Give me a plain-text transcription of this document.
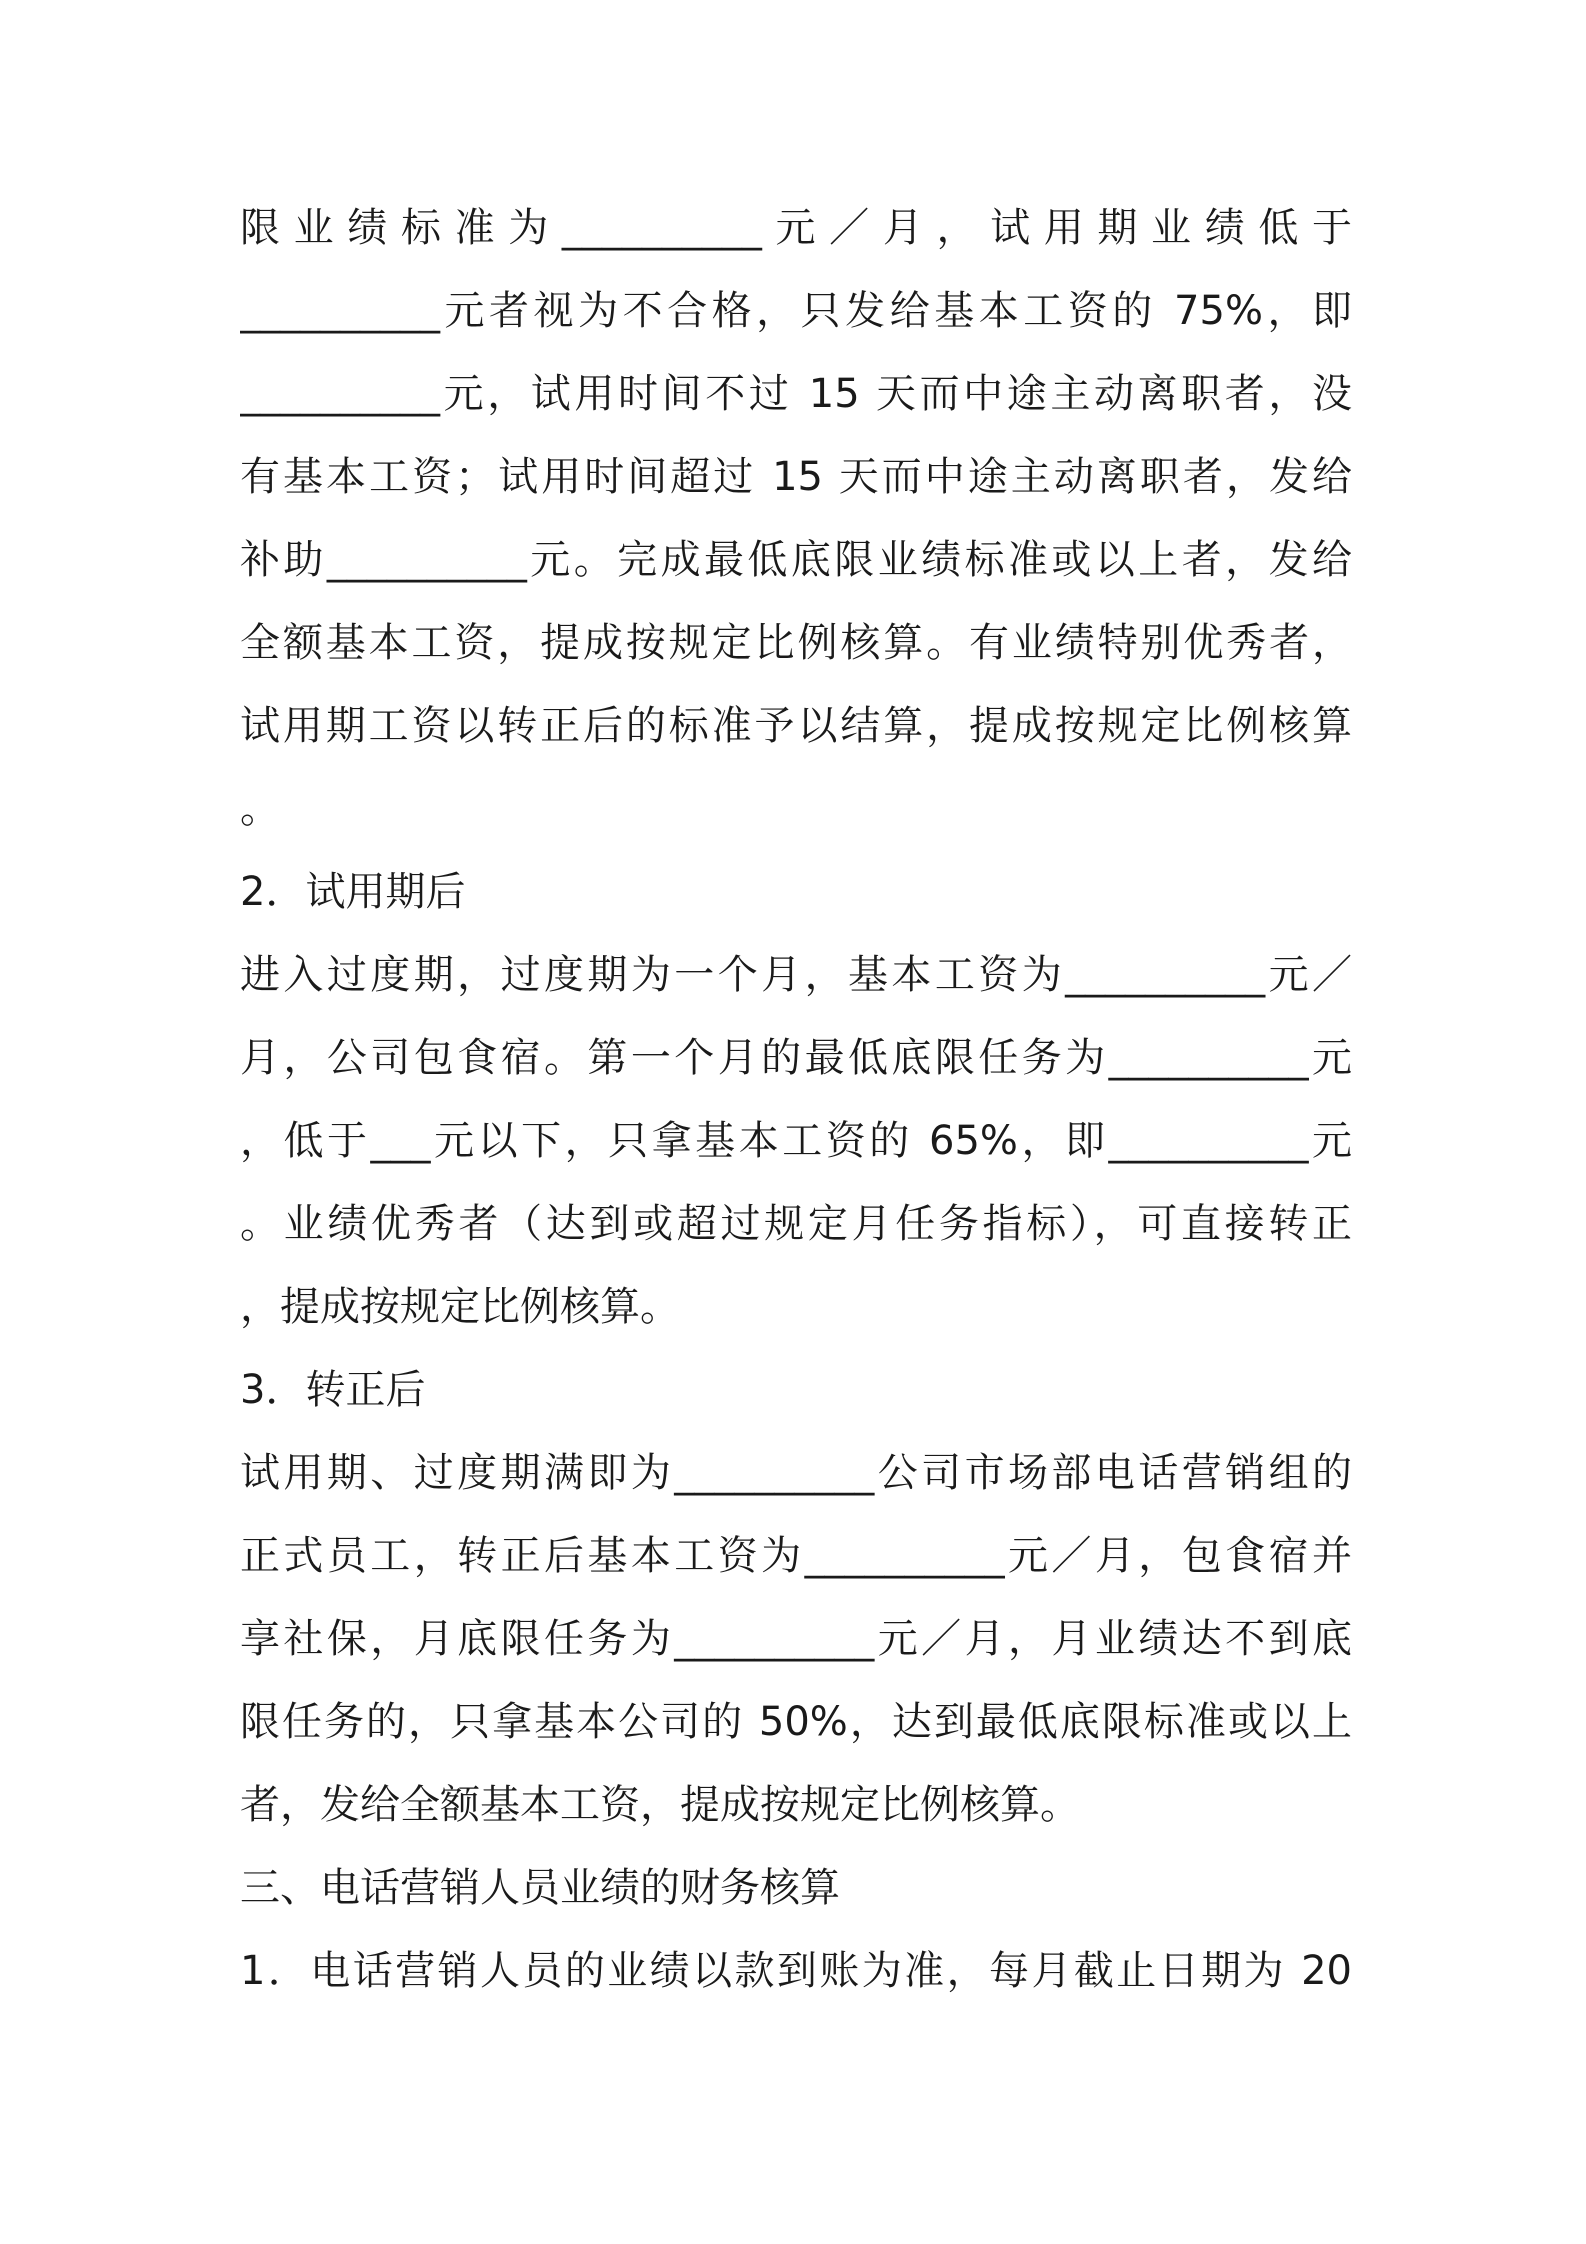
限业绩标准为__________元／月，试用期业绩低于
__________元者视为不合格，只发给基本工资的 75%，即
__________元，试用时间不过 15 天而中途主动离职者，没
有基本工资；试用时间超过 15 天而中途主动离职者，发给
补助__________元。完成最低底限业绩标准或以上者，发给
全额基本工资，提成按规定比例核算。有业绩特别优秀者，
试用期工资以转正后的标准予以结算，提成按规定比例核算
。
2．试用期后
进入过度期，过度期为一个月，基本工资为__________元／
月，公司包食宿。第一个月的最低底限任务为__________元
，低于___元以下，只拿基本工资的 65%，即__________元
。业绩优秀者（达到或超过规定月任务指标），可直接转正
，提成按规定比例核算。
3．转正后
试用期、过度期满即为__________公司市场部电话营销组的
正式员工，转正后基本工资为__________元／月，包食宿并
享社保，月底限任务为__________元／月，月业绩达不到底
限任务的，只拿基本公司的 50%，达到最低底限标准或以上
者，发给全额基本工资，提成按规定比例核算。
三、电话营销人员业绩的财务核算
1．电话营销人员的业绩以款到账为准，每月截止日期为 20
